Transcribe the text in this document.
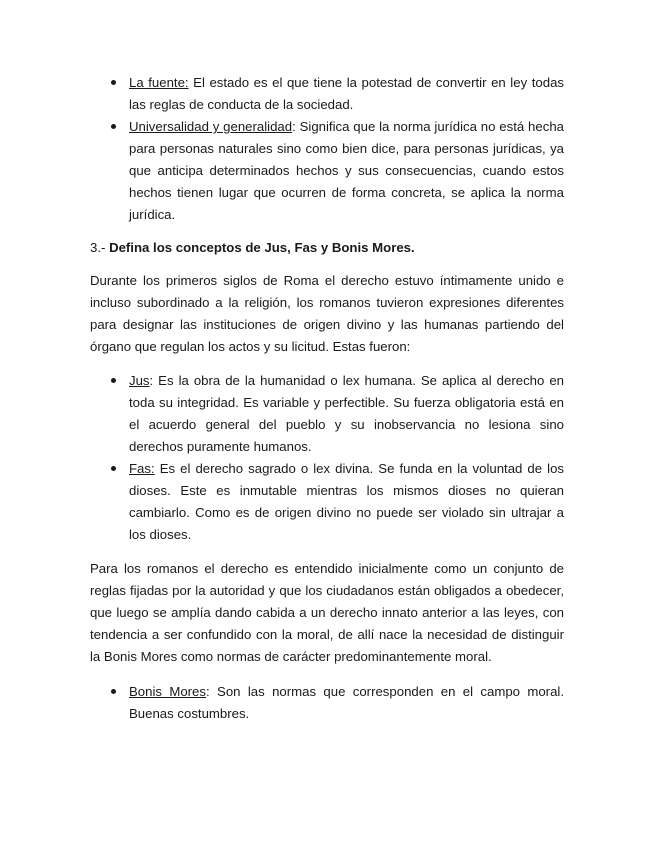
La fuente: El estado es el que tiene la potestad de convertir en ley todas las reglas de conducta de la sociedad.
Universalidad y generalidad: Significa que la norma jurídica no está hecha para personas naturales sino como bien dice, para personas jurídicas, ya que anticipa determinados hechos y sus consecuencias, cuando estos hechos tienen lugar que ocurren de forma concreta, se aplica la norma jurídica.

3.- Defina los conceptos de Jus, Fas y Bonis Mores.

Durante los primeros siglos de Roma el derecho estuvo íntimamente unido e incluso subordinado a la religión, los romanos tuvieron expresiones diferentes para designar las instituciones de origen divino y las humanas partiendo del órgano que regulan los actos y su licitud. Estas fueron:

Jus: Es la obra de la humanidad o lex humana. Se aplica al derecho en toda su integridad. Es variable y perfectible. Su fuerza obligatoria está en el acuerdo general del pueblo y su inobservancia no lesiona sino derechos puramente humanos.
Fas: Es el derecho sagrado o lex divina. Se funda en la voluntad de los dioses. Este es inmutable mientras los mismos dioses no quieran cambiarlo. Como es de origen divino no puede ser violado sin ultrajar a los dioses.

Para los romanos el derecho es entendido inicialmente como un conjunto de reglas fijadas por la autoridad y que los ciudadanos están obligados a obedecer, que luego se amplía dando cabida a un derecho innato anterior a las leyes, con tendencia a ser confundido con la moral, de allí nace la necesidad de distinguir la Bonis Mores como normas de carácter predominantemente moral.

Bonis Mores: Son las normas que corresponden en el campo moral. Buenas costumbres.
